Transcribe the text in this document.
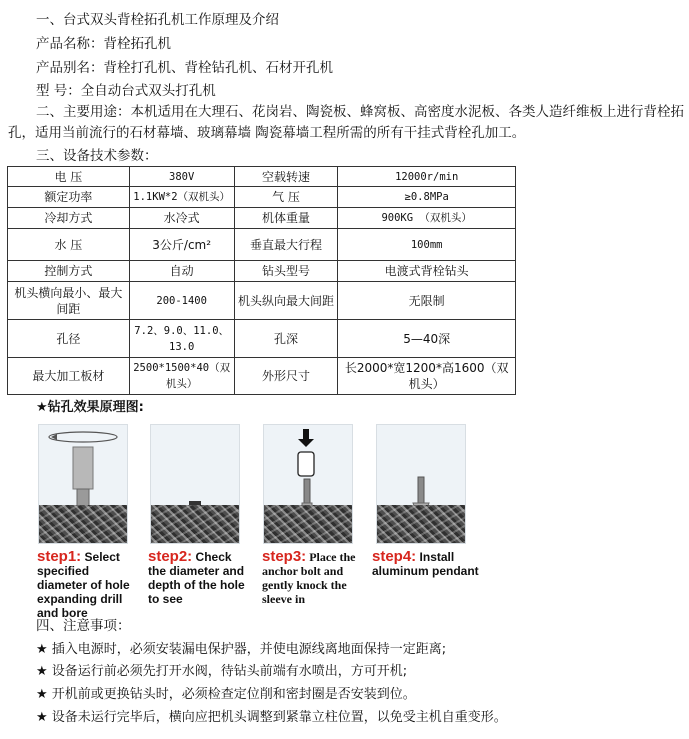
一、台式双头背栓拓孔机工作原理及介绍
产品名称：背栓拓孔机
产品别名：背栓打孔机、背栓钻孔机、石材开孔机
型 号：全自动台式双头打孔机
二、主要用途：本机适用在大理石、花岗岩、陶瓷板、蜂窝板、高密度水泥板、各类人造纤维板上进行背栓拓孔，适用当前流行的石材幕墙、玻璃幕墙 陶瓷幕墙工程所需的所有干挂式背栓孔加工。
三、设备技术参数：
电 压	380V	空载转速	12000r/min
额定功率	1.1KW*2（双机头）	气 压	≥0.8MPa
冷却方式	水冷式	机体重量	900KG （双机头）
水 压	3公斤/cm²	垂直最大行程	100mm
控制方式	自动	钻头型号	电渡式背栓钻头
机头横向最小、最大间距	200-1400	机头纵向最大间距	无限制
孔径	7.2、9.0、11.0、13.0	孔深	5—40深
最大加工板材	2500*1500*40（双机头）	外形尺寸	长2000*宽1200*高1600（双机头）
★钻孔效果原理图:
step1: Select specified diameter of hole expanding drill and bore
step2: Check the diameter and depth of the hole to see
step3: Place the anchor bolt and gently knock the sleeve in
step4: Install aluminum pendant
四、注意事项：
★ 插入电源时，必须安装漏电保护器，并使电源线离地面保持一定距离;
★ 设备运行前必须先打开水阀，待钻头前端有水喷出，方可开机;
★ 开机前或更换钻头时，必须检查定位削和密封圈是否安装到位。
★ 设备未运行完毕后，横向应把机头调整到紧靠立柱位置，以免受主机自重变形。
